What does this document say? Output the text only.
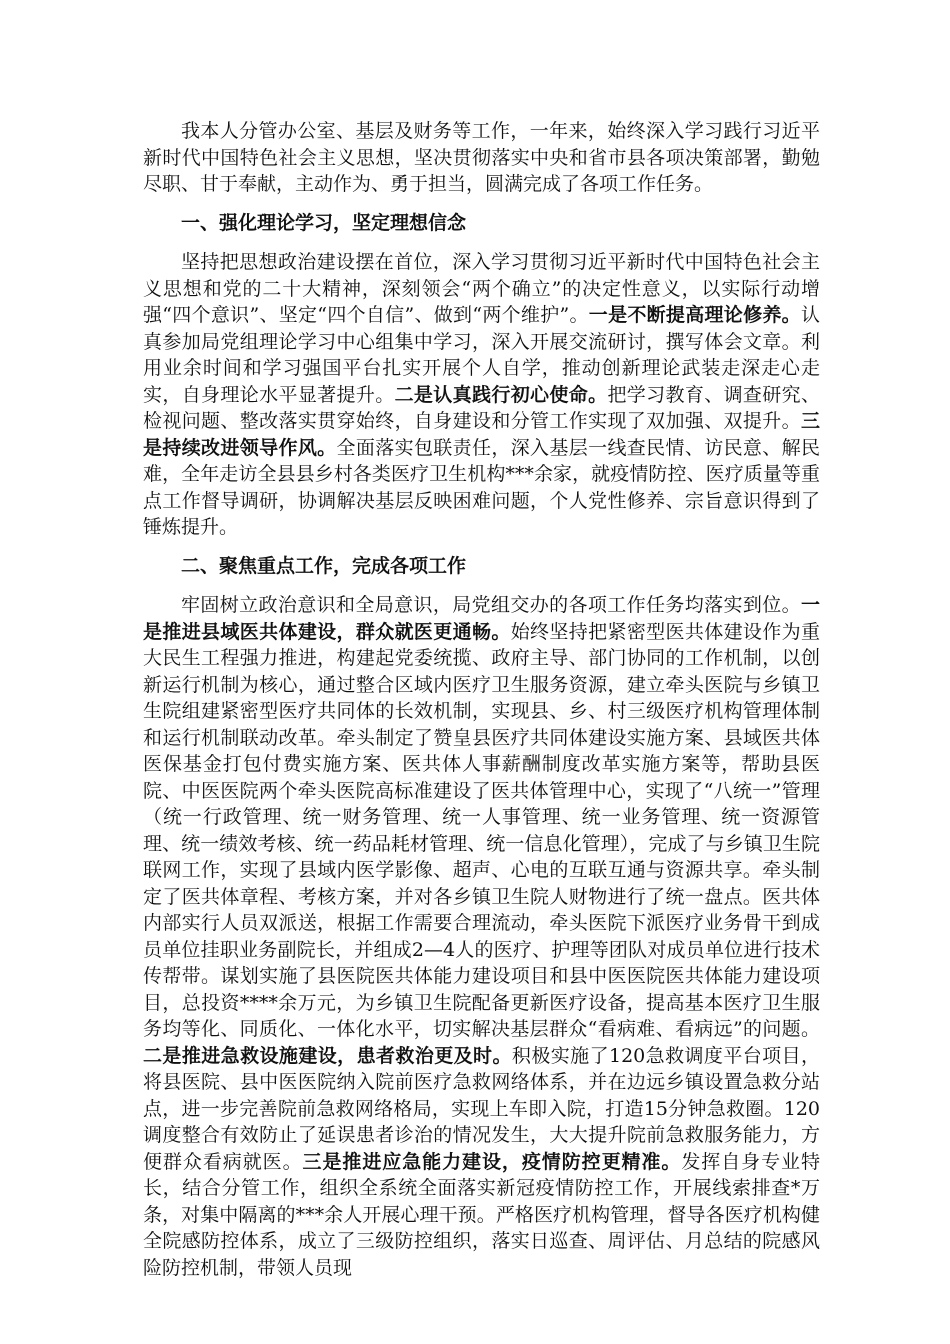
我本人分管办公室、基层及财务等工作，一年来，始终深入学习践行习近平新时代中国特色社会主义思想，坚决贯彻落实中央和省市县各项决策部署，勤勉尽职、甘于奉献，主动作为、勇于担当，圆满完成了各项工作任务。

一、强化理论学习，坚定理想信念

坚持把思想政治建设摆在首位，深入学习贯彻习近平新时代中国特色社会主义思想和党的二十大精神，深刻领会“两个确立”的决定性意义，以实际行动增强“四个意识”、坚定“四个自信”、做到“两个维护”。一是不断提高理论修养。认真参加局党组理论学习中心组集中学习，深入开展交流研讨，撰写体会文章。利用业余时间和学习强国平台扎实开展个人自学，推动创新理论武装走深走心走实，自身理论水平显著提升。二是认真践行初心使命。把学习教育、调查研究、检视问题、整改落实贯穿始终，自身建设和分管工作实现了双加强、双提升。三是持续改进领导作风。全面落实包联责任，深入基层一线查民情、访民意、解民难，全年走访全县县乡村各类医疗卫生机构***余家，就疫情防控、医疗质量等重点工作督导调研，协调解决基层反映困难问题，个人党性修养、宗旨意识得到了锤炼提升。

二、聚焦重点工作，完成各项工作

牢固树立政治意识和全局意识，局党组交办的各项工作任务均落实到位。一是推进县域医共体建设，群众就医更通畅。始终坚持把紧密型医共体建设作为重大民生工程强力推进，构建起党委统揽、政府主导、部门协同的工作机制，以创新运行机制为核心，通过整合区域内医疗卫生服务资源，建立牵头医院与乡镇卫生院组建紧密型医疗共同体的长效机制，实现县、乡、村三级医疗机构管理体制和运行机制联动改革。牵头制定了赞皇县医疗共同体建设实施方案、县域医共体医保基金打包付费实施方案、医共体人事薪酬制度改革实施方案等，帮助县医院、中医医院两个牵头医院高标准建设了医共体管理中心，实现了“八统一”管理（统一行政管理、统一财务管理、统一人事管理、统一业务管理、统一资源管理、统一绩效考核、统一药品耗材管理、统一信息化管理），完成了与乡镇卫生院联网工作，实现了县域内医学影像、超声、心电的互联互通与资源共享。牵头制定了医共体章程、考核方案，并对各乡镇卫生院人财物进行了统一盘点。医共体内部实行人员双派送，根据工作需要合理流动，牵头医院下派医疗业务骨干到成员单位挂职业务副院长，并组成2—4人的医疗、护理等团队对成员单位进行技术传帮带。谋划实施了县医院医共体能力建设项目和县中医医院医共体能力建设项目，总投资****余万元，为乡镇卫生院配备更新医疗设备，提高基本医疗卫生服务均等化、同质化、一体化水平，切实解决基层群众“看病难、看病远”的问题。二是推进急救设施建设，患者救治更及时。积极实施了120急救调度平台项目，将县医院、县中医医院纳入院前医疗急救网络体系，并在边远乡镇设置急救分站点，进一步完善院前急救网络格局，实现上车即入院，打造15分钟急救圈。120调度整合有效防止了延误患者诊治的情况发生，大大提升院前急救服务能力，方便群众看病就医。三是推进应急能力建设，疫情防控更精准。发挥自身专业特长，结合分管工作，组织全系统全面落实新冠疫情防控工作，开展线索排查*万条，对集中隔离的***余人开展心理干预。严格医疗机构管理，督导各医疗机构健全院感防控体系，成立了三级防控组织，落实日巡查、周评估、月总结的院感风险防控机制，带领人员现
